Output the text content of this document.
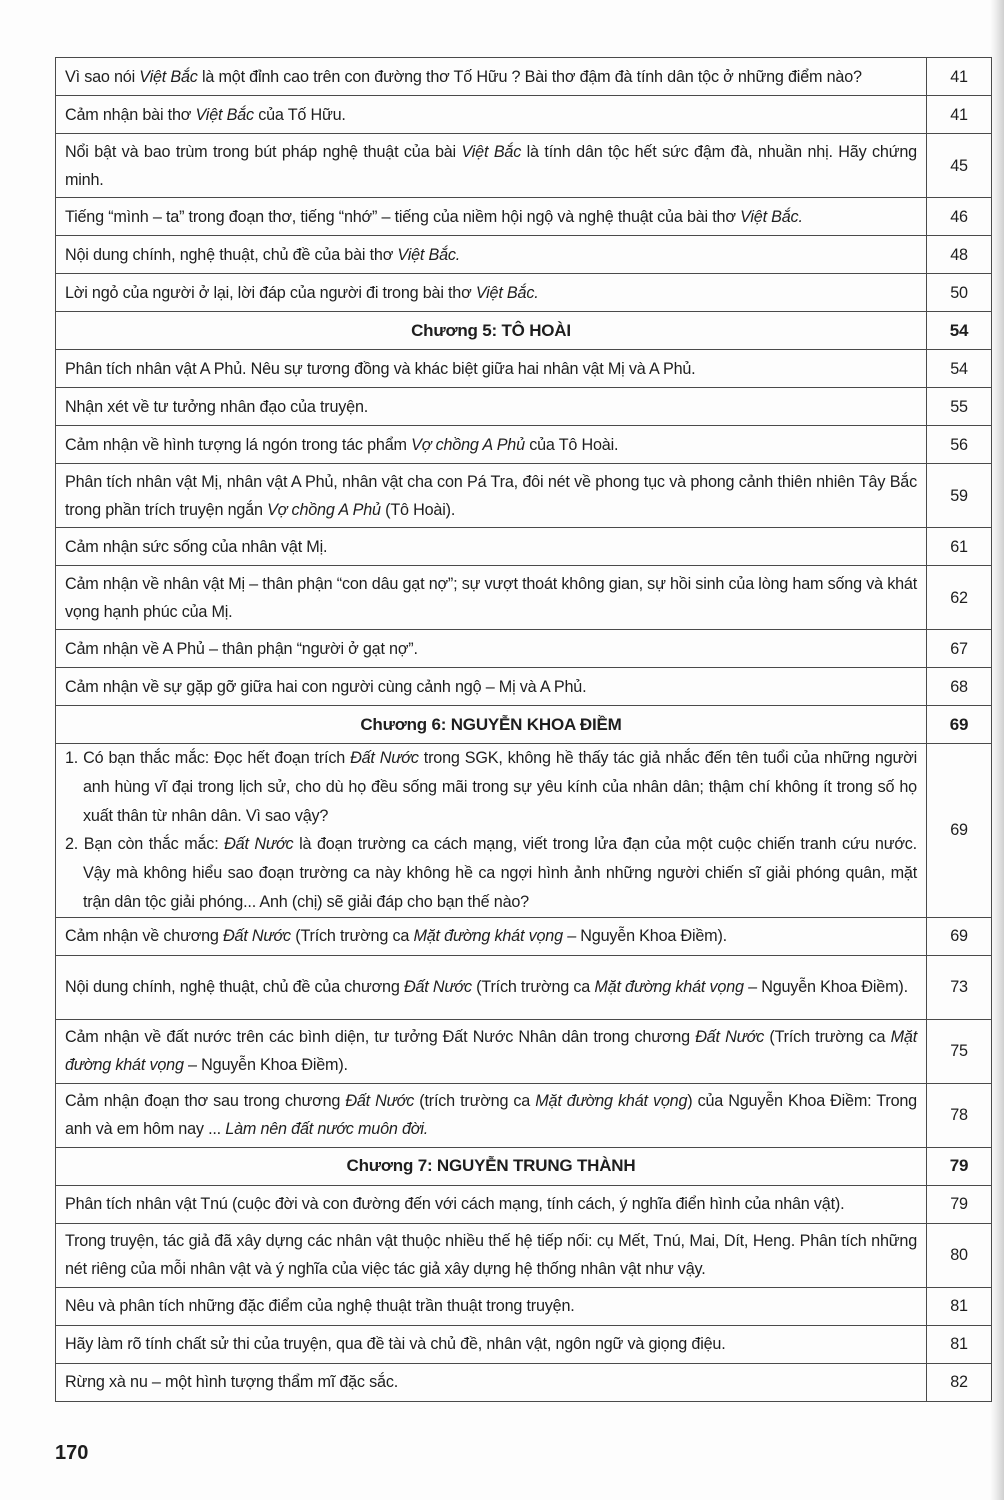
Vì sao nói Việt Bắc là một đỉnh cao trên con đường thơ Tố Hữu ? Bài thơ đậm đà tính dân tộc ở những điểm nào?	41
Cảm nhận bài thơ Việt Bắc của Tố Hữu.	41
Nổi bật và bao trùm trong bút pháp nghệ thuật của bài Việt Bắc là tính dân tộc hết sức đậm đà, nhuần nhị. Hãy chứng minh.	45
Tiếng “mình – ta” trong đoạn thơ, tiếng “nhớ” – tiếng của niềm hội ngộ và nghệ thuật của bài thơ Việt Bắc.	46
Nội dung chính, nghệ thuật, chủ đề của bài thơ Việt Bắc.	48
Lời ngỏ của người ở lại, lời đáp của người đi trong bài thơ Việt Bắc.	50
Chương 5: TÔ HOÀI	54
Phân tích nhân vật A Phủ. Nêu sự tương đồng và khác biệt giữa hai nhân vật Mị và A Phủ.	54
Nhận xét về tư tưởng nhân đạo của truyện.	55
Cảm nhận về hình tượng lá ngón trong tác phẩm Vợ chồng A Phủ của Tô Hoài.	56
Phân tích nhân vật Mị, nhân vật A Phủ, nhân vật cha con Pá Tra, đôi nét về phong tục và phong cảnh thiên nhiên Tây Bắc trong phần trích truyện ngắn Vợ chồng A Phủ (Tô Hoài).	59
Cảm nhận sức sống của nhân vật Mị.	61
Cảm nhận về nhân vật Mị – thân phận “con dâu gạt nợ”; sự vượt thoát không gian, sự hồi sinh của lòng ham sống và khát vọng hạnh phúc của Mị.	62
Cảm nhận về A Phủ – thân phận “người ở gạt nợ”.	67
Cảm nhận về sự gặp gỡ giữa hai con người cùng cảnh ngộ – Mị và A Phủ.	68
Chương 6: NGUYỄN KHOA ĐIỀM	69

1. Có bạn thắc mắc: Đọc hết đoạn trích Đất Nước trong SGK, không hề thấy tác giả nhắc đến tên tuổi của những người anh hùng vĩ đại trong lịch sử, cho dù họ đều sống mãi trong sự yêu kính của nhân dân; thậm chí không ít trong số họ xuất thân từ nhân dân. Vì sao vậy?
2. Bạn còn thắc mắc: Đất Nước là đoạn trường ca cách mạng, viết trong lửa đạn của một cuộc chiến tranh cứu nước. Vậy mà không hiểu sao đoạn trường ca này không hề ca ngợi hình ảnh những người chiến sĩ giải phóng quân, mặt trận dân tộc giải phóng... Anh (chị) sẽ giải đáp cho bạn thế nào?	69
Cảm nhận về chương Đất Nước (Trích trường ca Mặt đường khát vọng – Nguyễn Khoa Điềm).	69
Nội dung chính, nghệ thuật, chủ đề của chương Đất Nước (Trích trường ca Mặt đường khát vọng – Nguyễn Khoa Điềm).	73
Cảm nhận về đất nước trên các bình diện, tư tưởng Đất Nước Nhân dân trong chương Đất Nước (Trích trường ca Mặt đường khát vọng – Nguyễn Khoa Điềm).	75
Cảm nhận đoạn thơ sau trong chương Đất Nước (trích trường ca Mặt đường khát vọng) của Nguyễn Khoa Điềm: Trong anh và em hôm nay ... Làm nên đất nước muôn đời.	78
Chương 7: NGUYỄN TRUNG THÀNH	79
Phân tích nhân vật Tnú (cuộc đời và con đường đến với cách mạng, tính cách, ý nghĩa điển hình của nhân vật).	79
Trong truyện, tác giả đã xây dựng các nhân vật thuộc nhiều thế hệ tiếp nối: cụ Mết, Tnú, Mai, Dít, Heng. Phân tích những nét riêng của mỗi nhân vật và ý nghĩa của việc tác giả xây dựng hệ thống nhân vật như vậy.	80
Nêu và phân tích những đặc điểm của nghệ thuật trần thuật trong truyện.	81
Hãy làm rõ tính chất sử thi của truyện, qua đề tài và chủ đề, nhân vật, ngôn ngữ và giọng điệu.	81
Rừng xà nu – một hình tượng thẩm mĩ đặc sắc.	82
170
